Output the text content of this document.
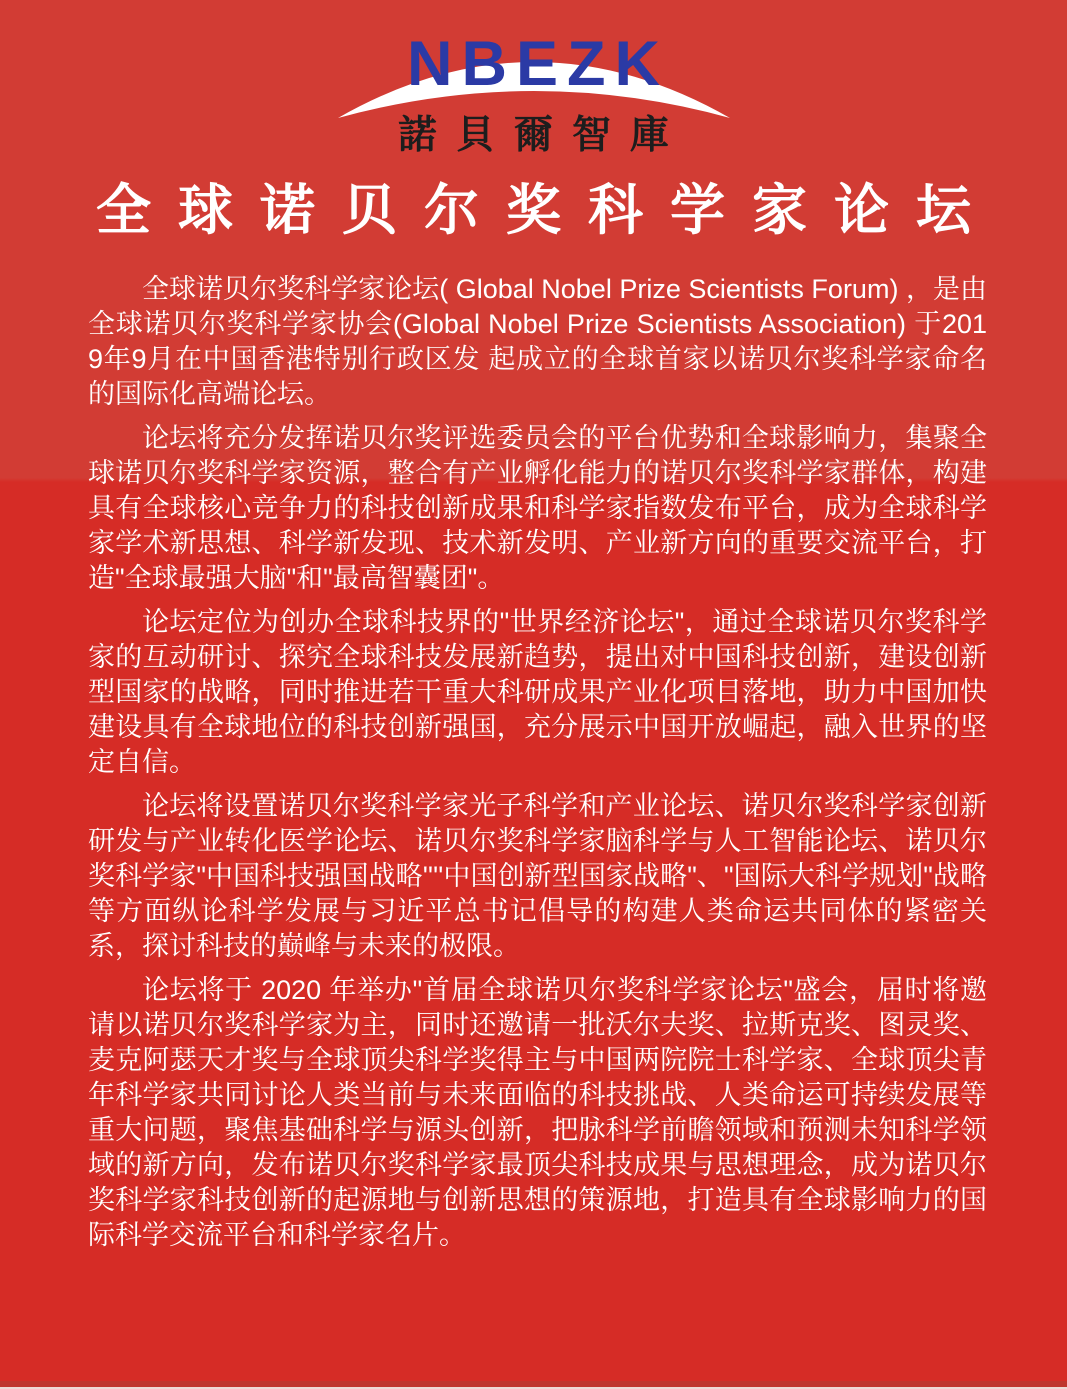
NBEZK
諾貝爾智庫
全球诺贝尔奖科学家论坛

全球诺贝尔奖科学家论坛( Global Nobel Prize Scientists Forum) ，是由全球诺贝尔奖科学家协会(Global Nobel Prize Scientists Association) 于2019年9月在中国香港特别行政区发 起成立的全球首家以诺贝尔奖科学家命名的国际化高端论坛。

论坛将充分发挥诺贝尔奖评选委员会的平台优势和全球影响力，集聚全球诺贝尔奖科学家资源，整合有产业孵化能力的诺贝尔奖科学家群体，构建具有全球核心竞争力的科技创新成果和科学家指数发布平台，成为全球科学家学术新思想、科学新发现、技术新发明、产业新方向的重要交流平台，打造"全球最强大脑"和"最高智囊团"。

论坛定位为创办全球科技界的"世界经济论坛"，通过全球诺贝尔奖科学家的互动研讨、探究全球科技发展新趋势，提出对中国科技创新，建设创新型国家的战略，同时推进若干重大科研成果产业化项目落地，助力中国加快建设具有全球地位的科技创新强国，充分展示中国开放崛起，融入世界的坚定自信。

论坛将设置诺贝尔奖科学家光子科学和产业论坛、诺贝尔奖科学家创新研发与产业转化医学论坛、诺贝尔奖科学家脑科学与人工智能论坛、诺贝尔奖科学家"中国科技强国战略''''中国创新型国家战略"、"国际大科学规划"战略等方面纵论科学发展与习近平总书记倡导的构建人类命运共同体的紧密关系，探讨科技的巅峰与未来的极限。

论坛将于 2020 年举办"首届全球诺贝尔奖科学家论坛"盛会，届时将邀请以诺贝尔奖科学家为主，同时还邀请一批沃尔夫奖、拉斯克奖、图灵奖、麦克阿瑟天才奖与全球顶尖科学奖得主与中国两院院士科学家、全球顶尖青年科学家共同讨论人类当前与未来面临的科技挑战、人类命运可持续发展等重大问题，聚焦基础科学与源头创新，把脉科学前瞻领域和预测未知科学领域的新方向，发布诺贝尔奖科学家最顶尖科技成果与思想理念，成为诺贝尔奖科学家科技创新的起源地与创新思想的策源地，打造具有全球影响力的国际科学交流平台和科学家名片。
